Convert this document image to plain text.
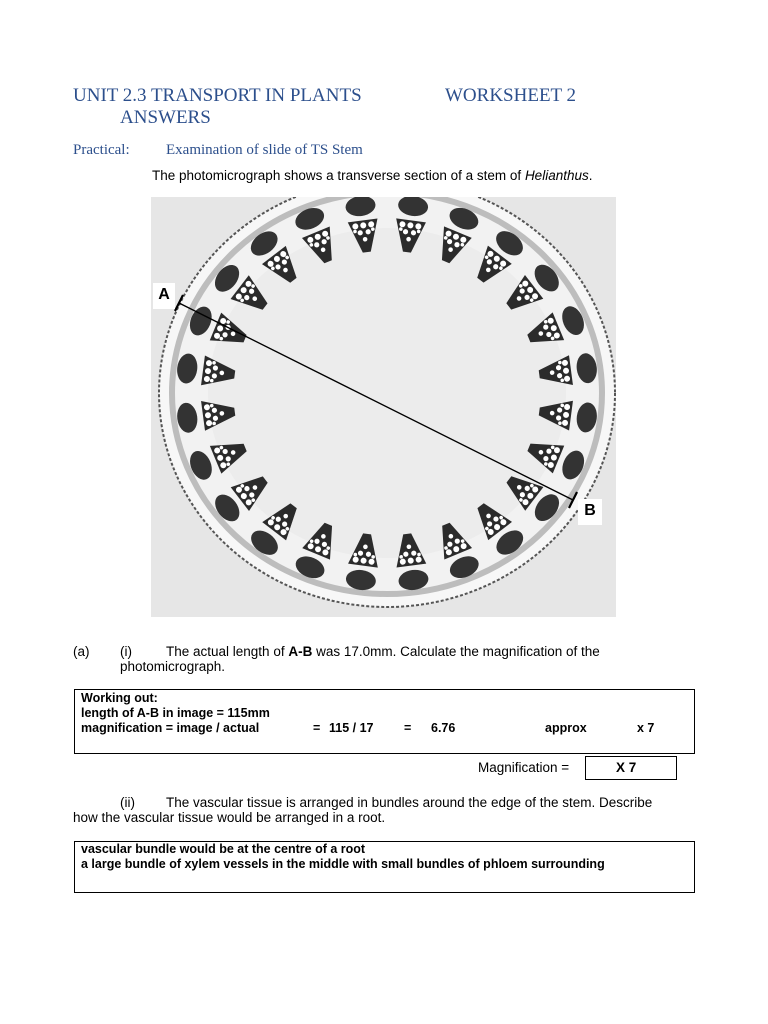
UNIT 2.3 TRANSPORT IN PLANTS	WORKSHEET 2
ANSWERS
Practical: Examination of slide of TS Stem
The photomicrograph shows a transverse section of a stem of Helianthus.
A
B
(a) (i)	The actual length of A-B was 17.0mm. Calculate the magnification of the
photomicrograph.
Working out:
length of A-B in image = 115mm
magnification = image / actual	= 115 / 17 = 6.76	approx	x 7
Magnification =	X 7
(ii) The vascular tissue is arranged in bundles around the edge of the stem. Describe
how the vascular tissue would be arranged in a root.
vascular bundle would be at the centre of a root
a large bundle of xylem vessels in the middle with small bundles of phloem surrounding
